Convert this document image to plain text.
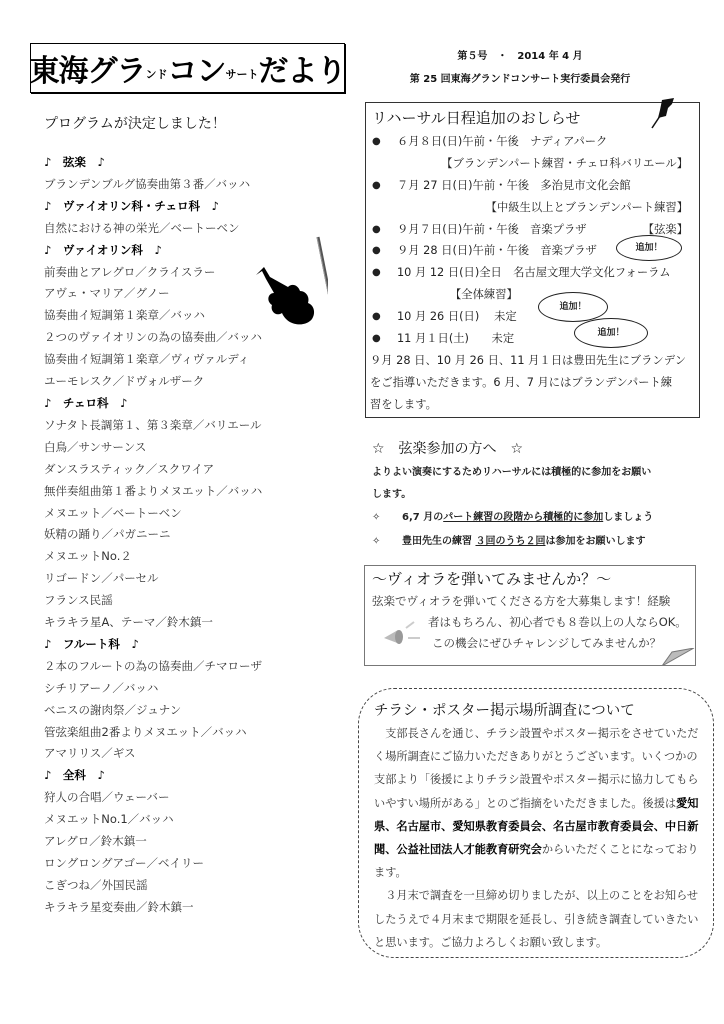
東海グラ ンド コン サート だより	第５号　・　2014 年 4 月
第 25 回東海グランドコンサート実行委員会発行
プログラムが決定しました！
♪　弦楽　♪
ブランデンブルグ協奏曲第３番／バッハ
♪　ヴァイオリン科・チェロ科　♪
自然における神の栄光／ベートーベン
♪　ヴァイオリン科　♪
前奏曲とアレグロ／クライスラー
アヴェ・マリア／グノー
協奏曲イ短調第１楽章／バッハ
２つのヴァイオリンの為の協奏曲／バッハ
協奏曲イ短調第１楽章／ヴィヴァルディ
ユーモレスク／ドヴォルザーク
♪　チェロ科　♪
ソナタト長調第１、第３楽章／バリエール
白鳥／サンサーンス
ダンスラスティック／スクワイア
無伴奏組曲第１番よりメヌエット／バッハ
メヌエット／ベートーベン
妖精の踊り／パガニーニ
メヌエットNo.２
リゴードン／パーセル
フランス民謡
キラキラ星A、テーマ／鈴木鎮一
♪　フルート科　♪
２本のフルートの為の協奏曲／チマローザ
シチリアーノ／バッハ
ベニスの謝肉祭／ジュナン
管弦楽組曲2番よりメヌエット／バッハ
アマリリス／ギス
♪　全科　♪
狩人の合唱／ウェーバー
メヌエットNo.1／バッハ
アレグロ／鈴木鎮一
ロングロングアゴー／ベイリー
こぎつね／外国民謡
キラキラ星変奏曲／鈴木鎮一
リハーサル日程追加のおしらせ
● ６月８日(日)午前・午後　ナディアパーク
【ブランデンパート練習・チェロ科バリエール】
● ７月 27 日(日)午前・午後　多治見市文化会館
【中級生以上とブランデンパート練習】
● ９月７日(日)午前・午後　音楽プラザ	【弦楽】
● ９月 28 日(日)午前・午後　音楽プラザ	追加！
● 10 月 12 日(日)全日　名古屋文理大学文化フォーラム
【全体練習】
● 10 月 26 日(日)　 未定
追加！
● 11 月１日(土)　　未定	追加！
９月 28 日、10 月 26 日、11 月１日は豊田先生にブランデン
をご指導いただきます。6 月、7 月にはブランデンパート練
習をします。
☆　弦楽参加の方へ　☆
よりよい演奏にするためリハーサルには積極的に参加をお願い
します。
✧ 6,7 月のパート練習の段階から積極的に参加しましょう
✧ 豊田先生の練習 ３回のうち２回は参加をお願いします
～ヴィオラを弾いてみませんか？～
弦楽でヴィオラを弾いてくださる方を大募集します！経験
者はもちろん、初心者でも８巻以上の人ならOK。
この機会にぜひチャレンジしてみませんか？
チラシ・ポスター掲示場所調査について
　支部長さんを通じ、チラシ設置やポスター掲示をさせていただく場所調査にご協力いただきありがとうございます。いくつかの支部より「後援によりチラシ設置やポスター掲示に協力してもらいやすい場所がある」とのご指摘をいただきました。後援は愛知県、名古屋市、愛知県教育委員会、名古屋市教育委員会、中日新聞、公益社団法人才能教育研究会からいただくことになっております。
　３月末で調査を一旦締め切りましたが、以上のことをお知らせしたうえで４月末まで期限を延長し、引き続き調査していきたいと思います。ご協力よろしくお願い致します。
